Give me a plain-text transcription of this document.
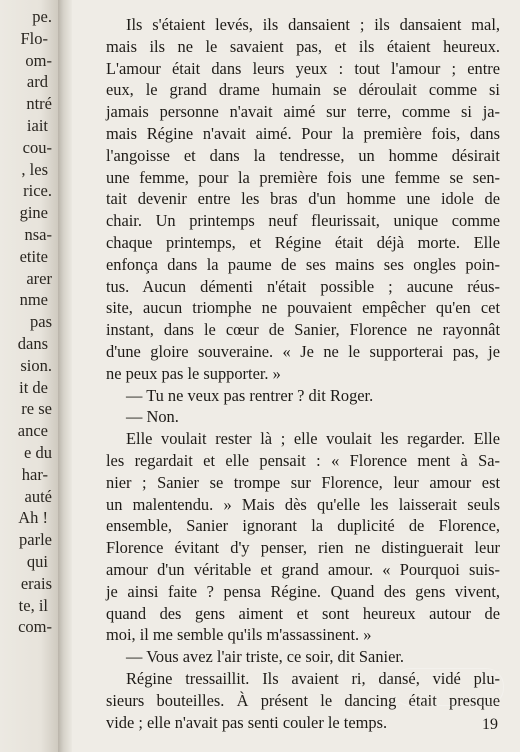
pe.
Flo-
om-
ard
ntré
iait
cou-
, les
rice.
gine
nsa-
etite
arer
nme
pas
dans
sion.
it de
re se
ance
e du
har-
auté
Ah !
parle
qui
erais
te, il
com-
Ils s'étaient levés, ils dansaient ; ils dansaient mal,
mais ils ne le savaient pas, et ils étaient heureux.
L'amour était dans leurs yeux : tout l'amour ; entre
eux, le grand drame humain se déroulait comme si
jamais personne n'avait aimé sur terre, comme si ja-
mais Régine n'avait aimé. Pour la première fois, dans
l'angoisse et dans la tendresse, un homme désirait
une femme, pour la première fois une femme se sen-
tait devenir entre les bras d'un homme une idole de
chair. Un printemps neuf fleurissait, unique comme
chaque printemps, et Régine était déjà morte. Elle
enfonça dans la paume de ses mains ses ongles poin-
tus. Aucun démenti n'était possible ; aucune réus-
site, aucun triomphe ne pouvaient empêcher qu'en cet
instant, dans le cœur de Sanier, Florence ne rayonnât
d'une gloire souveraine. « Je ne le supporterai pas, je
ne peux pas le supporter. »
— Tu ne veux pas rentrer ? dit Roger.
— Non.
Elle voulait rester là ; elle voulait les regarder. Elle
les regardait et elle pensait : « Florence ment à Sa-
nier ; Sanier se trompe sur Florence, leur amour est
un malentendu. » Mais dès qu'elle les laisserait seuls
ensemble, Sanier ignorant la duplicité de Florence,
Florence évitant d'y penser, rien ne distinguerait leur
amour d'un véritable et grand amour. « Pourquoi suis-
je ainsi faite ? pensa Régine. Quand des gens vivent,
quand des gens aiment et sont heureux autour de
moi, il me semble qu'ils m'assassinent. »
— Vous avez l'air triste, ce soir, dit Sanier.
Régine tressaillit. Ils avaient ri, dansé, vidé plu-
sieurs bouteilles. À présent le dancing était presque
vide ; elle n'avait pas senti couler le temps.	19
